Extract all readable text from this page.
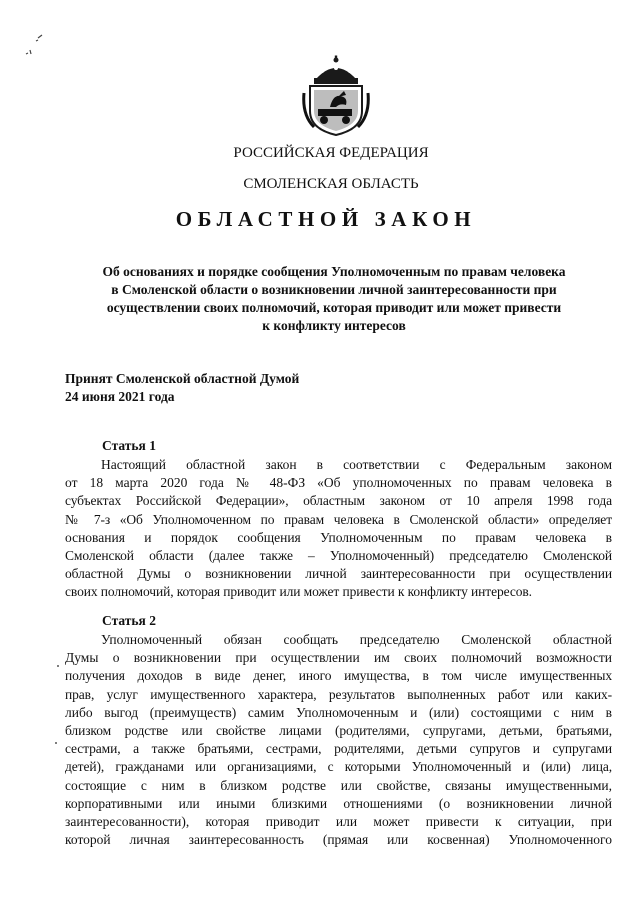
РОССИЙСКАЯ ФЕДЕРАЦИЯ
СМОЛЕНСКАЯ ОБЛАСТЬ
ОБЛАСТНОЙ ЗАКОН
Об основаниях и порядке сообщения Уполномоченным по правам человека
в Смоленской области о возникновении личной заинтересованности при
осуществлении своих полномочий, которая приводит или может привести
к конфликту интересов
Принят Смоленской областной Думой
24 июня 2021 года
Статья 1
Настоящий областной закон в соответствии с Федеральным законом
от 18 марта 2020 года № 48-ФЗ «Об уполномоченных по правам человека в
субъектах Российской Федерации», областным законом от 10 апреля 1998 года
№ 7-з «Об Уполномоченном по правам человека в Смоленской области» определяет
основания и порядок сообщения Уполномоченным по правам человека в
Смоленской области (далее также – Уполномоченный) председателю Смоленской
областной Думы о возникновении личной заинтересованности при осуществлении
своих полномочий, которая приводит или может привести к конфликту интересов.
Статья 2
Уполномоченный обязан сообщать председателю Смоленской областной
Думы о возникновении при осуществлении им своих полномочий возможности
получения доходов в виде денег, иного имущества, в том числе имущественных
прав, услуг имущественного характера, результатов выполненных работ или каких-
либо выгод (преимуществ) самим Уполномоченным и (или) состоящими с ним в
близком родстве или свойстве лицами (родителями, супругами, детьми, братьями,
сестрами, а также братьями, сестрами, родителями, детьми супругов и супругами
детей), гражданами или организациями, с которыми Уполномоченный и (или) лица,
состоящие с ним в близком родстве или свойстве, связаны имущественными,
корпоративными или иными близкими отношениями (о возникновении личной
заинтересованности), которая приводит или может привести к ситуации, при
которой личная заинтересованность (прямая или косвенная) Уполномоченного
